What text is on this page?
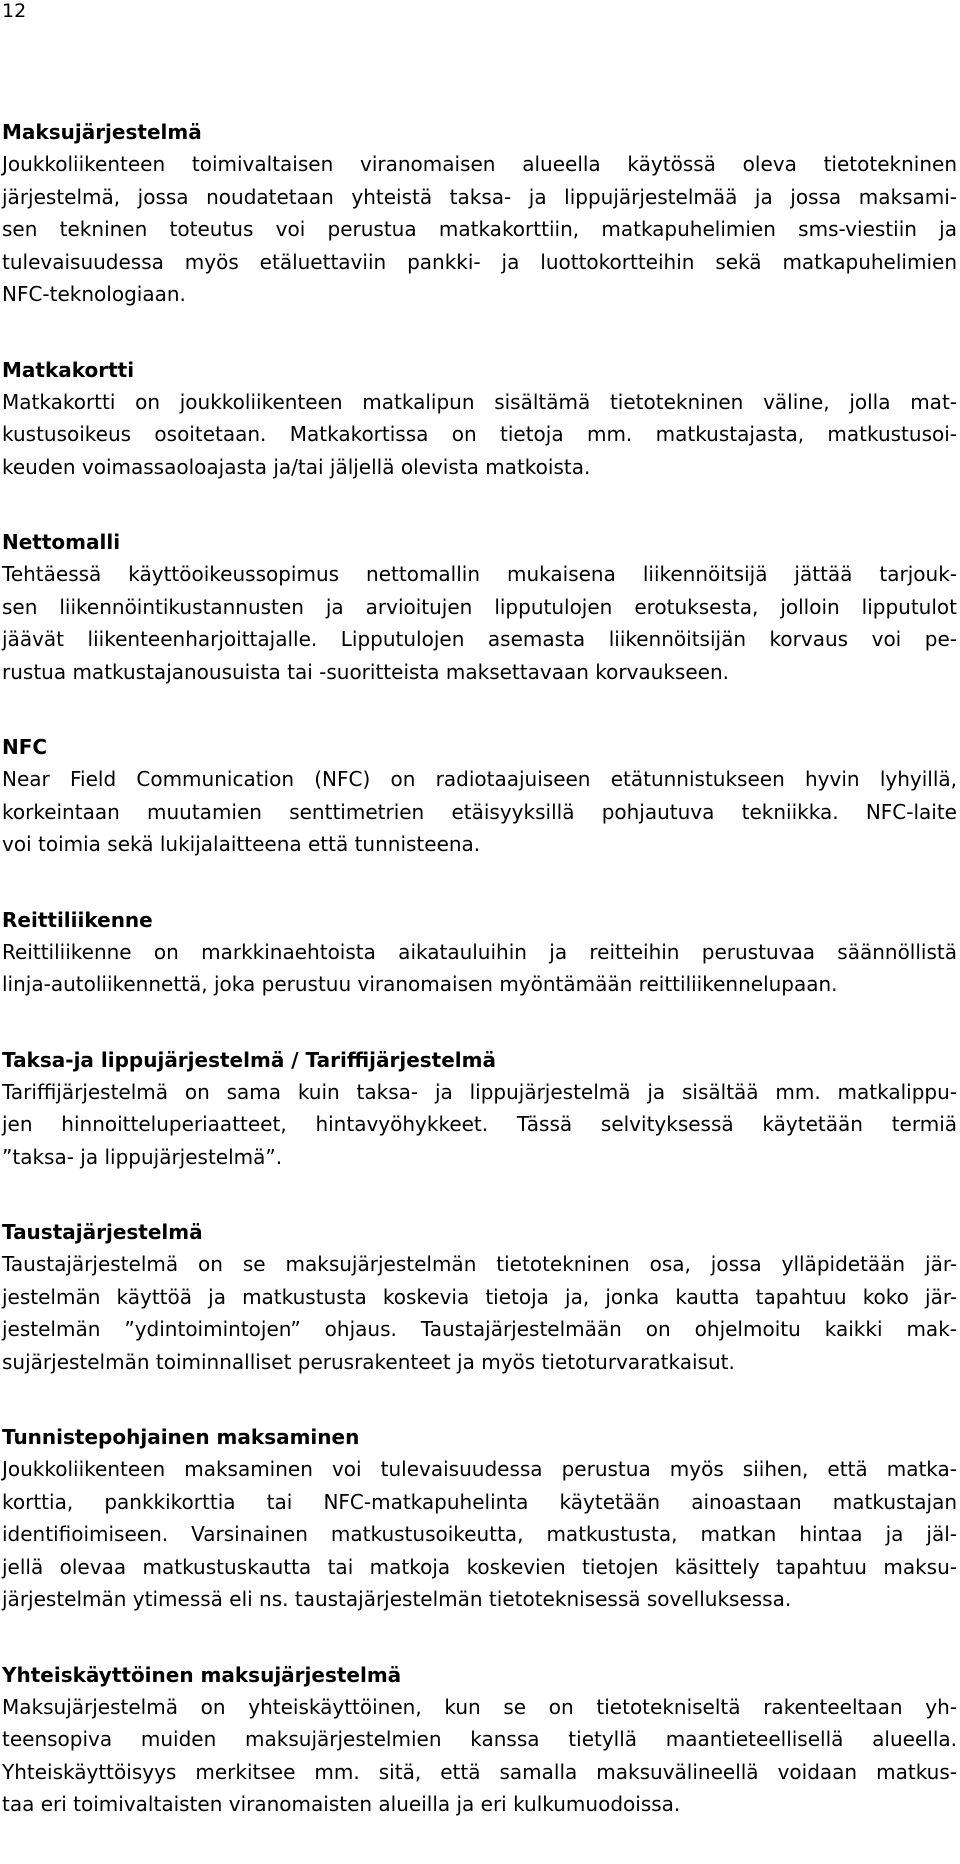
12
Maksujärjestelmä
Joukkoliikenteen toimivaltaisen viranomaisen alueella käytössä oleva tietotekninen
järjestelmä, jossa noudatetaan yhteistä taksa- ja lippujärjestelmää ja jossa maksami-
sen tekninen toteutus voi perustua matkakorttiin, matkapuhelimien sms-viestiin ja
tulevaisuudessa myös etäluettaviin pankki- ja luottokortteihin sekä matkapuhelimien
NFC-teknologiaan.
Matkakortti
Matkakortti on joukkoliikenteen matkalipun sisältämä tietotekninen väline, jolla mat-
kustusoikeus osoitetaan. Matkakortissa on tietoja mm. matkustajasta, matkustusoi-
keuden voimassaoloajasta ja/tai jäljellä olevista matkoista.
Nettomalli
Tehtäessä käyttöoikeussopimus nettomallin mukaisena liikennöitsijä jättää tarjouk-
sen liikennöintikustannusten ja arvioitujen lipputulojen erotuksesta, jolloin lipputulot
jäävät liikenteenharjoittajalle. Lipputulojen asemasta liikennöitsijän korvaus voi pe-
rustua matkustajanousuista tai -suoritteista maksettavaan korvaukseen.
NFC
Near Field Communication (NFC) on radiotaajuiseen etätunnistukseen hyvin lyhyillä,
korkeintaan muutamien senttimetrien etäisyyksillä pohjautuva tekniikka. NFC-laite
voi toimia sekä lukijalaitteena että tunnisteena.
Reittiliikenne
Reittiliikenne on markkinaehtoista aikatauluihin ja reitteihin perustuvaa säännöllistä
linja-autoliikennettä, joka perustuu viranomaisen myöntämään reittiliikennelupaan.
Taksa-ja lippujärjestelmä / Tariffijärjestelmä
Tariffijärjestelmä on sama kuin taksa- ja lippujärjestelmä ja sisältää mm. matkalippu-
jen hinnoitteluperiaatteet, hintavyöhykkeet. Tässä selvityksessä käytetään termiä
”taksa- ja lippujärjestelmä”.
Taustajärjestelmä
Taustajärjestelmä on se maksujärjestelmän tietotekninen osa, jossa ylläpidetään jär-
jestelmän käyttöä ja matkustusta koskevia tietoja ja, jonka kautta tapahtuu koko jär-
jestelmän ”ydintoimintojen” ohjaus. Taustajärjestelmään on ohjelmoitu kaikki mak-
sujärjestelmän toiminnalliset perusrakenteet ja myös tietoturvaratkaisut.
Tunnistepohjainen maksaminen
Joukkoliikenteen maksaminen voi tulevaisuudessa perustua myös siihen, että matka-
korttia, pankkikorttia tai NFC-matkapuhelinta käytetään ainoastaan matkustajan
identifioimiseen. Varsinainen matkustusoikeutta, matkustusta, matkan hintaa ja jäl-
jellä olevaa matkustuskautta tai matkoja koskevien tietojen käsittely tapahtuu maksu-
järjestelmän ytimessä eli ns. taustajärjestelmän tietoteknisessä sovelluksessa.
Yhteiskäyttöinen maksujärjestelmä
Maksujärjestelmä on yhteiskäyttöinen, kun se on tietotekniseltä rakenteeltaan yh-
teensopiva muiden maksujärjestelmien kanssa tietyllä maantieteellisellä alueella.
Yhteiskäyttöisyys merkitsee mm. sitä, että samalla maksuvälineellä voidaan matkus-
taa eri toimivaltaisten viranomaisten alueilla ja eri kulkumuodoissa.
